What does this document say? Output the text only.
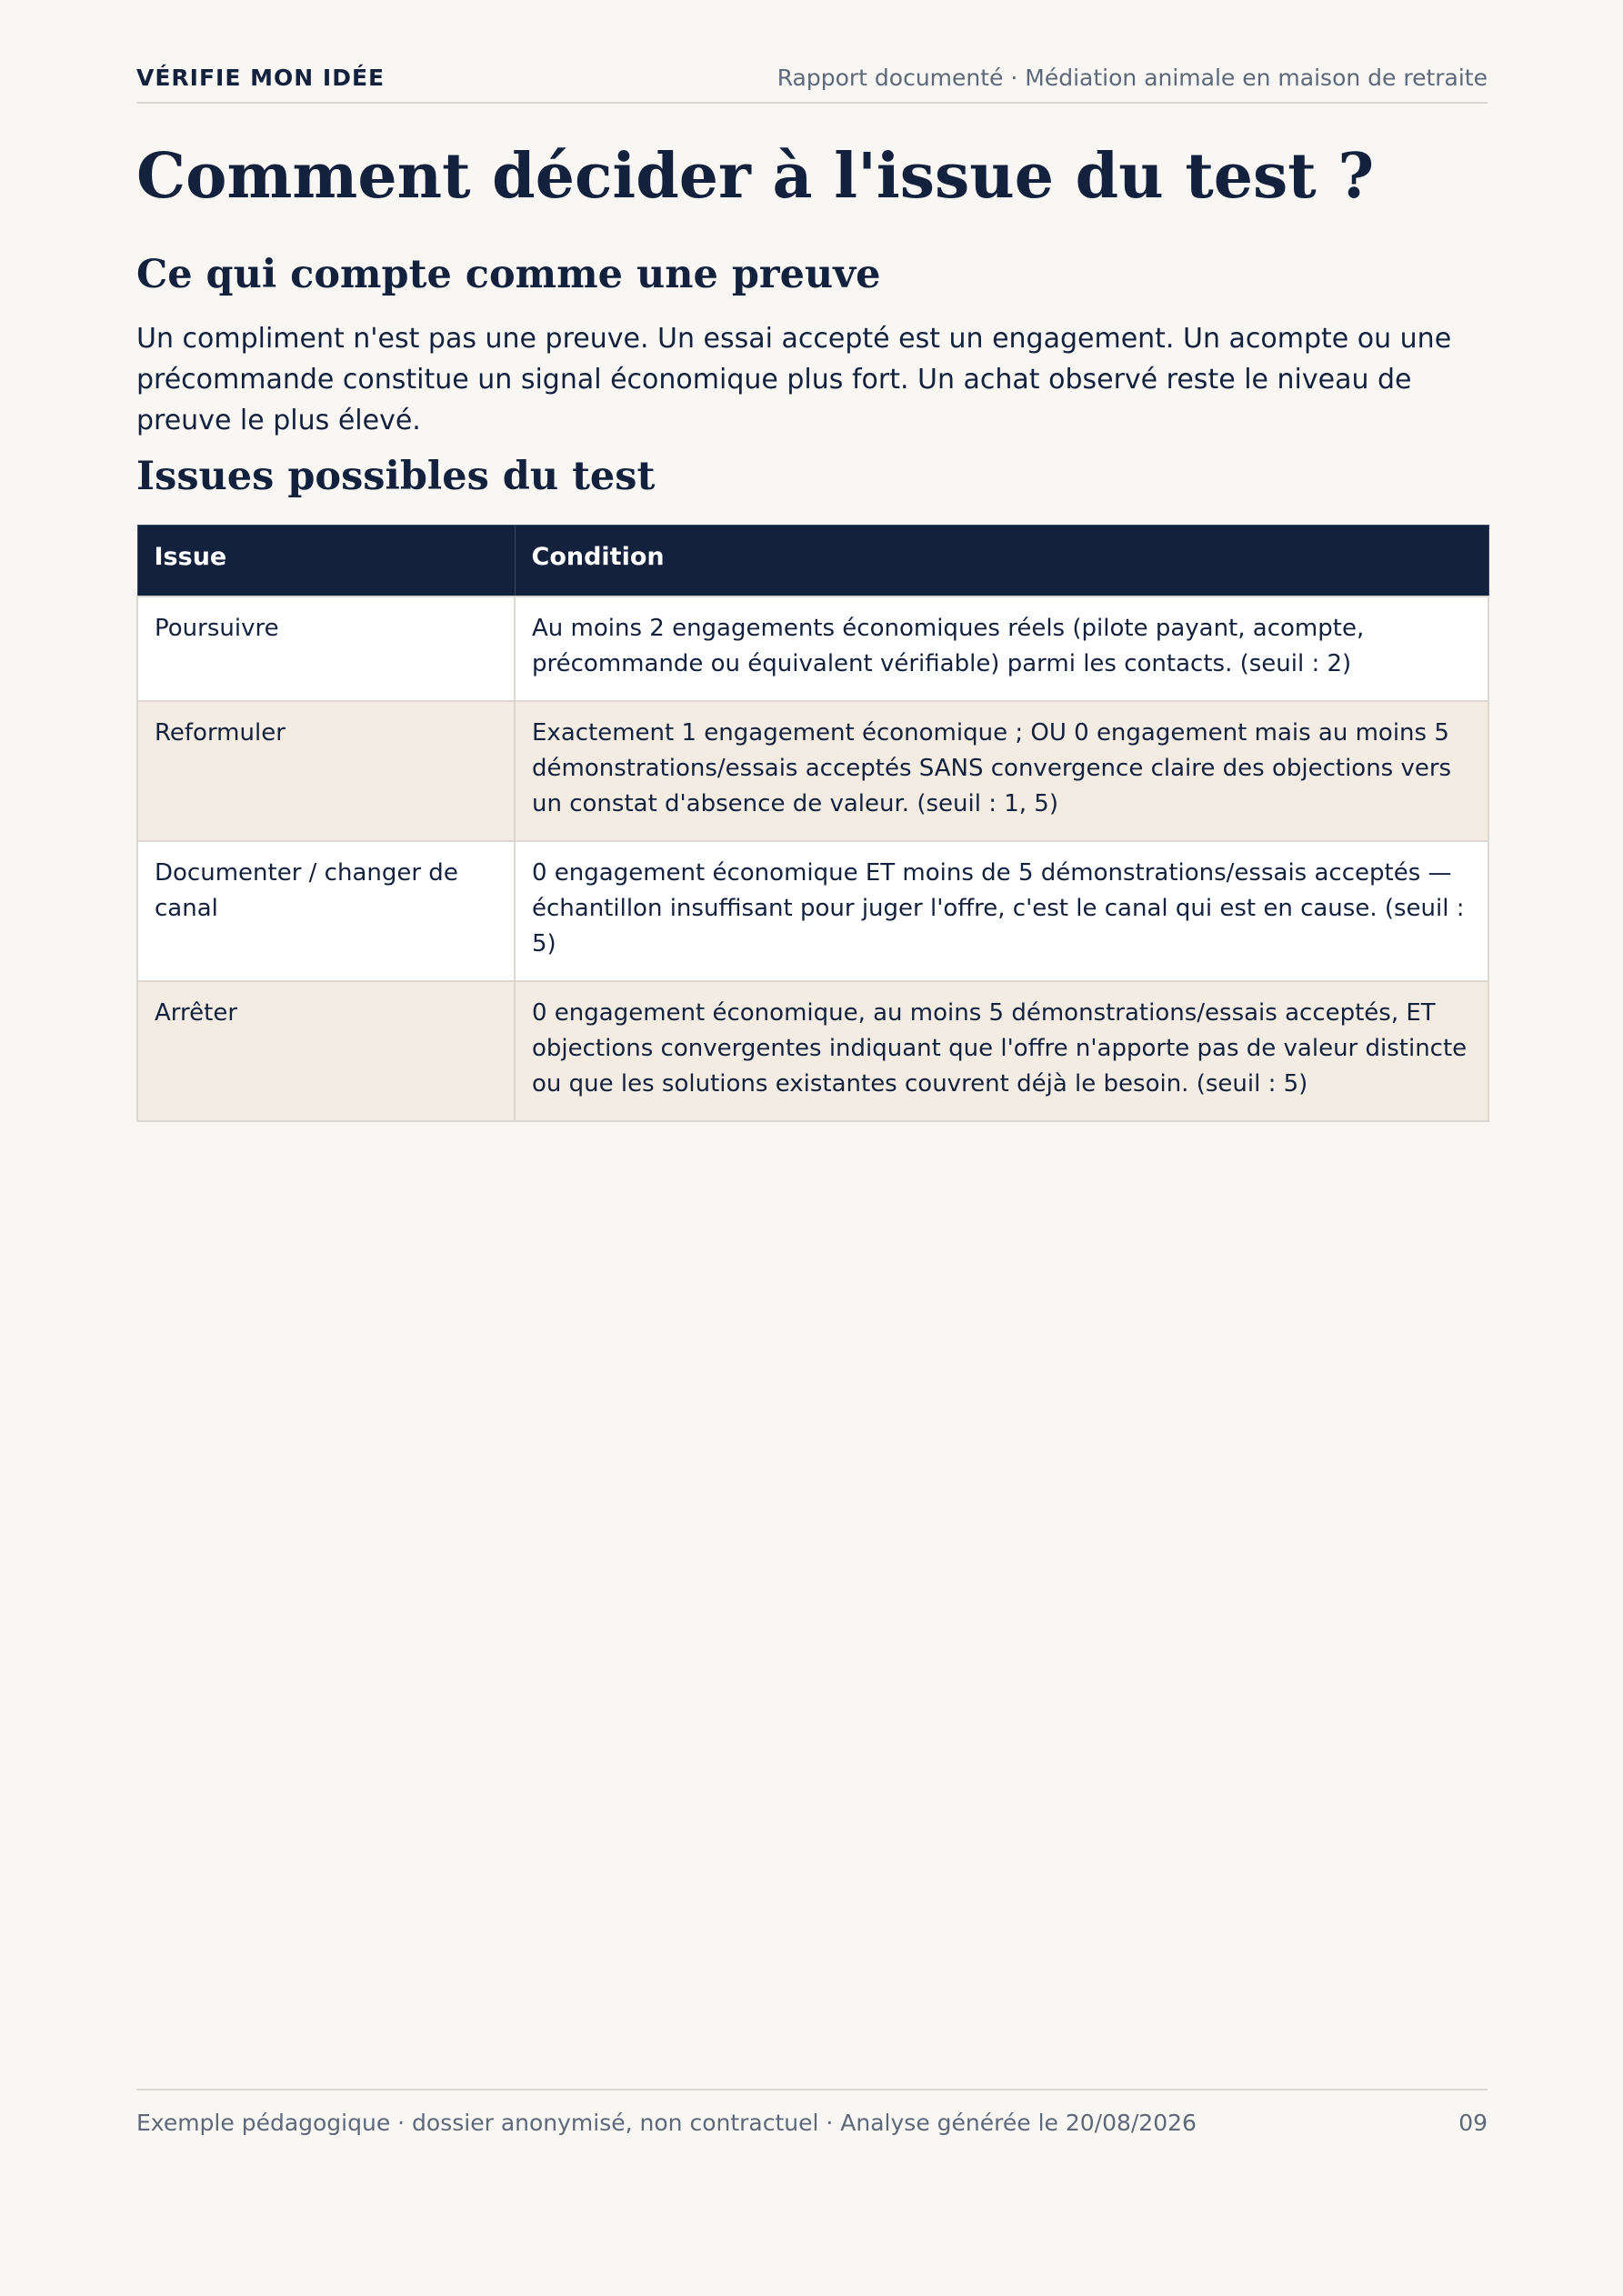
VÉRIFIE MON IDÉE	Rapport documenté · Médiation animale en maison de retraite
Comment décider à l'issue du test ?
Ce qui compte comme une preuve

Un compliment n'est pas une preuve. Un essai accepté est un engagement. Un acompte ou une précommande constitue un signal économique plus fort. Un achat observé reste le niveau de preuve le plus élevé.

Issues possibles du test
Issue	Condition
Poursuivre	Au moins 2 engagements économiques réels (pilote payant, acompte, précommande ou équivalent vérifiable) parmi les contacts. (seuil : 2)
Reformuler	Exactement 1 engagement économique ; OU 0 engagement mais au moins 5 démonstrations/essais acceptés SANS convergence claire des objections vers un constat d'absence de valeur. (seuil : 1, 5)
Documenter / changer de canal	0 engagement économique ET moins de 5 démonstrations/essais acceptés — échantillon insuffisant pour juger l'offre, c'est le canal qui est en cause. (seuil : 5)
Arrêter	0 engagement économique, au moins 5 démonstrations/essais acceptés, ET objections convergentes indiquant que l'offre n'apporte pas de valeur distincte ou que les solutions existantes couvrent déjà le besoin. (seuil : 5)
Exemple pédagogique · dossier anonymisé, non contractuel · Analyse générée le 20/08/2026	09
